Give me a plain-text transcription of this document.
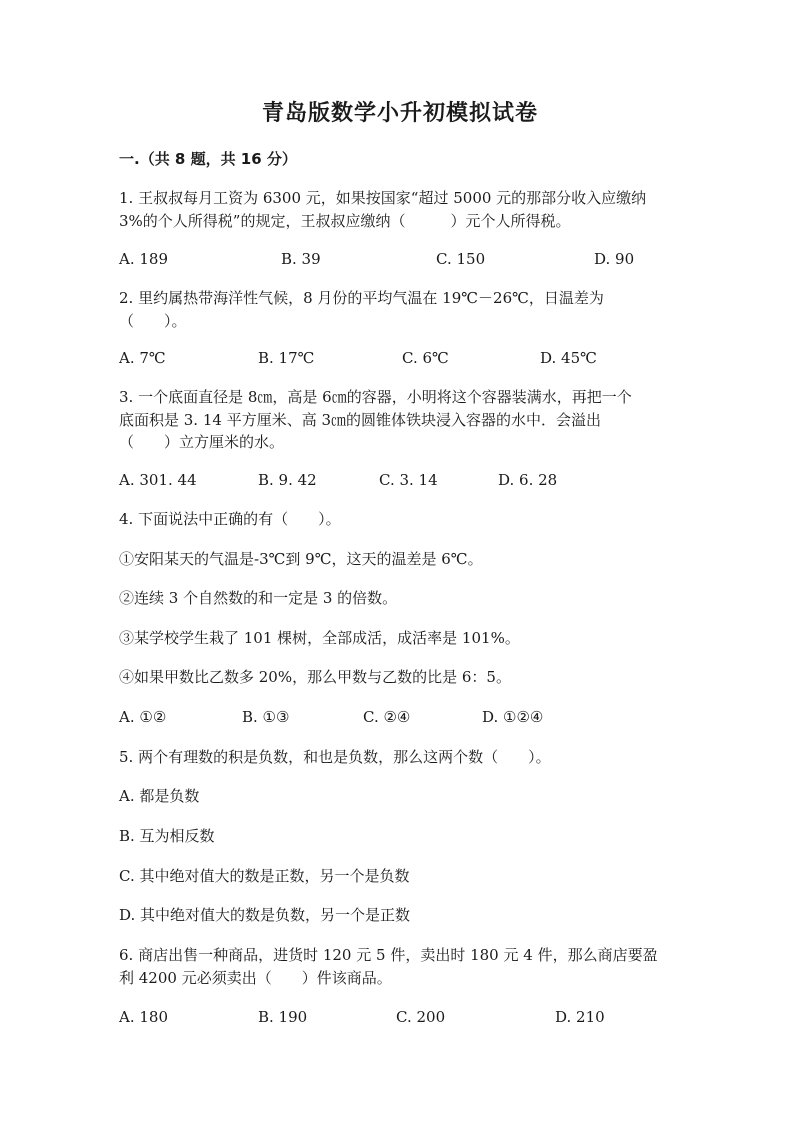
青岛版数学小升初模拟试卷
一.（共 8 题，共 16 分）
1. 王叔叔每月工资为 6300 元，如果按国家“超过 5000 元的那部分收入应缴纳
3%的个人所得税”的规定，王叔叔应缴纳（　　　）元个人所得税。
A. 189	B. 39	C. 150	D. 90
2. 里约属热带海洋性气候，8 月份的平均气温在 19℃－26℃，日温差为
（　　）。
A. 7℃	B. 17℃	C. 6℃	D. 45℃
3. 一个底面直径是 8㎝，高是 6㎝的容器，小明将这个容器装满水，再把一个
底面积是 3. 14 平方厘米、高 3㎝的圆锥体铁块浸入容器的水中．会溢出
（　　）立方厘米的水。
A. 301. 44	B. 9. 42	C. 3. 14	D. 6. 28
4. 下面说法中正确的有（　　）。
①安阳某天的气温是-3℃到 9℃，这天的温差是 6℃。
②连续 3 个自然数的和一定是 3 的倍数。
③某学校学生栽了 101 棵树，全部成活，成活率是 101%。
④如果甲数比乙数多 20%，那么甲数与乙数的比是 6：5。
A. ①②	B. ①③	C. ②④	D. ①②④
5. 两个有理数的积是负数，和也是负数，那么这两个数（　　）。
A. 都是负数
B. 互为相反数
C. 其中绝对值大的数是正数，另一个是负数
D. 其中绝对值大的数是负数，另一个是正数
6. 商店出售一种商品，进货时 120 元 5 件，卖出时 180 元 4 件，那么商店要盈
利 4200 元必须卖出（　　）件该商品。
A. 180	B. 190	C. 200	D. 210
